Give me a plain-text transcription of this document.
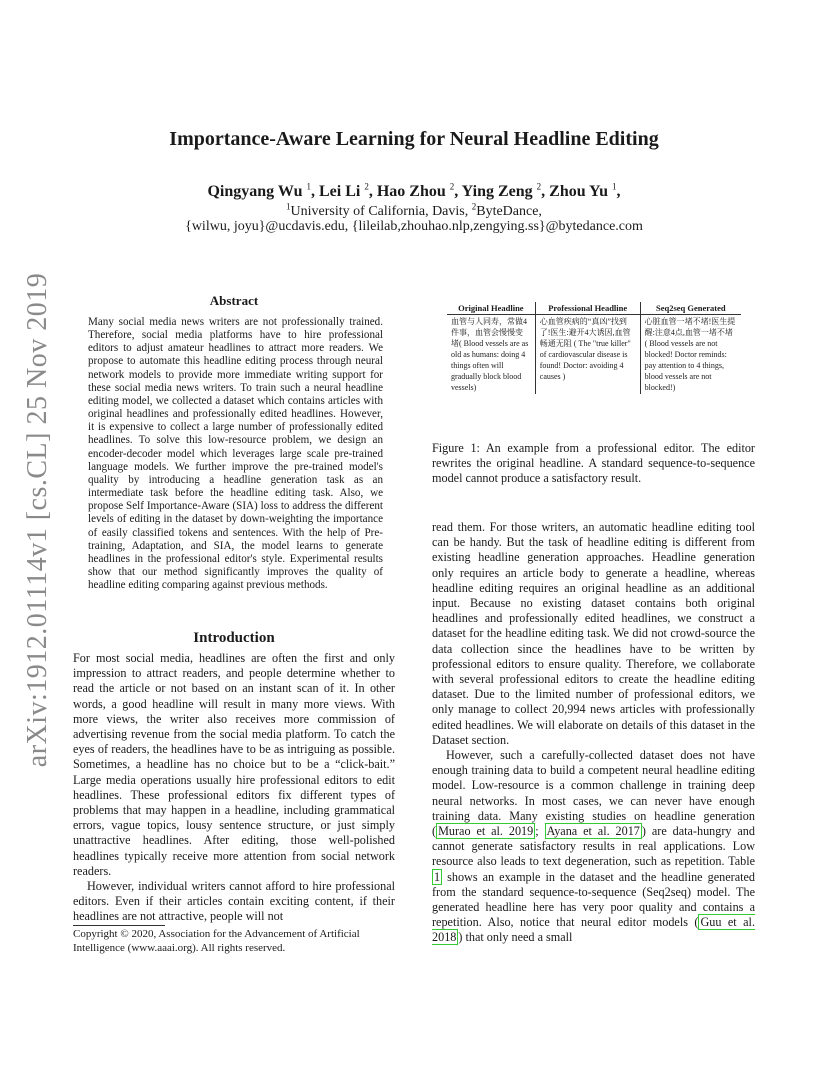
arXiv:1912.01114v1 [cs.CL] 25 Nov 2019
Importance-Aware Learning for Neural Headline Editing
Qingyang Wu $^1$, Lei Li $^2$, Hao Zhou $^2$, Ying Zeng $^2$, Zhou Yu $^1$,
$^1$University of California, Davis, $^2$ByteDance,
{wilwu, joyu}@ucdavis.edu, {lileilab,zhouhao.nlp,zengying.ss}@bytedance.com
Abstract
Many social media news writers are not professionally trained. Therefore, social media platforms have to hire professional editors to adjust amateur headlines to attract more readers. We propose to automate this headline editing process through neural network models to provide more immediate writing support for these social media news writers. To train such a neural headline editing model, we collected a dataset which contains articles with original headlines and professionally edited headlines. However, it is expensive to collect a large number of professionally edited headlines. To solve this low-resource problem, we design an encoder-decoder model which leverages large scale pre-trained language models. We further improve the pre-trained model's quality by introducing a headline generation task as an intermediate task before the headline editing task. Also, we propose Self Importance-Aware (SIA) loss to address the different levels of editing in the dataset by down-weighting the importance of easily classified tokens and sentences. With the help of Pre-training, Adaptation, and SIA, the model learns to generate headlines in the professional editor's style. Experimental results show that our method significantly improves the quality of headline editing comparing against previous methods.
Introduction

For most social media, headlines are often the first and only impression to attract readers, and people determine whether to read the article or not based on an instant scan of it. In other words, a good headline will result in many more views. With more views, the writer also receives more commission of advertising revenue from the social media platform. To catch the eyes of readers, the headlines have to be as intriguing as possible. Sometimes, a headline has no choice but to be a “click-bait.” Large media operations usually hire professional editors to edit headlines. These professional editors fix different types of problems that may happen in a headline, including grammatical errors, vague topics, lousy sentence structure, or just simply unattractive headlines. After editing, those well-polished headlines typically receive more attention from social network readers.

However, individual writers cannot afford to hire professional editors. Even if their articles contain exciting content, if their headlines are not attractive, people will not

Copyright © 2020, Association for the Advancement of Artificial Intelligence (www.aaai.org). All rights reserved.
Original Headline	Professional Headline	Seq2seq Generated
血管与人同寿，常做4件事，血管会慢慢变堵( Blood vessels are as old as humans: doing 4 things often will gradually block blood vessels)	心血管疾病的“真凶”找到了!医生:避开4大诱因,血管畅通无阻 ( The "true killer" of cardiovascular disease is found! Doctor: avoiding 4 causes )	心脏血管一堵不堵!医生提醒:注意4点,血管一堵不堵 ( Blood vessels are not blocked! Doctor reminds: pay attention to 4 things, blood vessels are not blocked!)
Figure 1: An example from a professional editor. The editor rewrites the original headline. A standard sequence-to-sequence model cannot produce a satisfactory result.

read them. For those writers, an automatic headline editing tool can be handy. But the task of headline editing is different from existing headline generation approaches. Headline generation only requires an article body to generate a headline, whereas headline editing requires an original headline as an additional input. Because no existing dataset contains both original headlines and professionally edited headlines, we construct a dataset for the headline editing task. We did not crowd-source the data collection since the headlines have to be written by professional editors to ensure quality. Therefore, we collaborate with several professional editors to create the headline editing dataset. Due to the limited number of professional editors, we only manage to collect 20,994 news articles with professionally edited headlines. We will elaborate on details of this dataset in the Dataset section.

However, such a carefully-collected dataset does not have enough training data to build a competent neural headline editing model. Low-resource is a common challenge in training deep neural networks. In most cases, we can never have enough training data. Many existing studies on headline generation ( Murao et al. 2019 ; Ayana et al. 2017 ) are data-hungry and cannot generate satisfactory results in real applications. Low resource also leads to text degeneration, such as repetition. Table 1 shows an example in the dataset and the headline generated from the standard sequence-to-sequence (Seq2seq) model. The generated headline here has very poor quality and contains a repetition. Also, notice that neural editor models ( Guu et al. 2018 ) that only need a small
